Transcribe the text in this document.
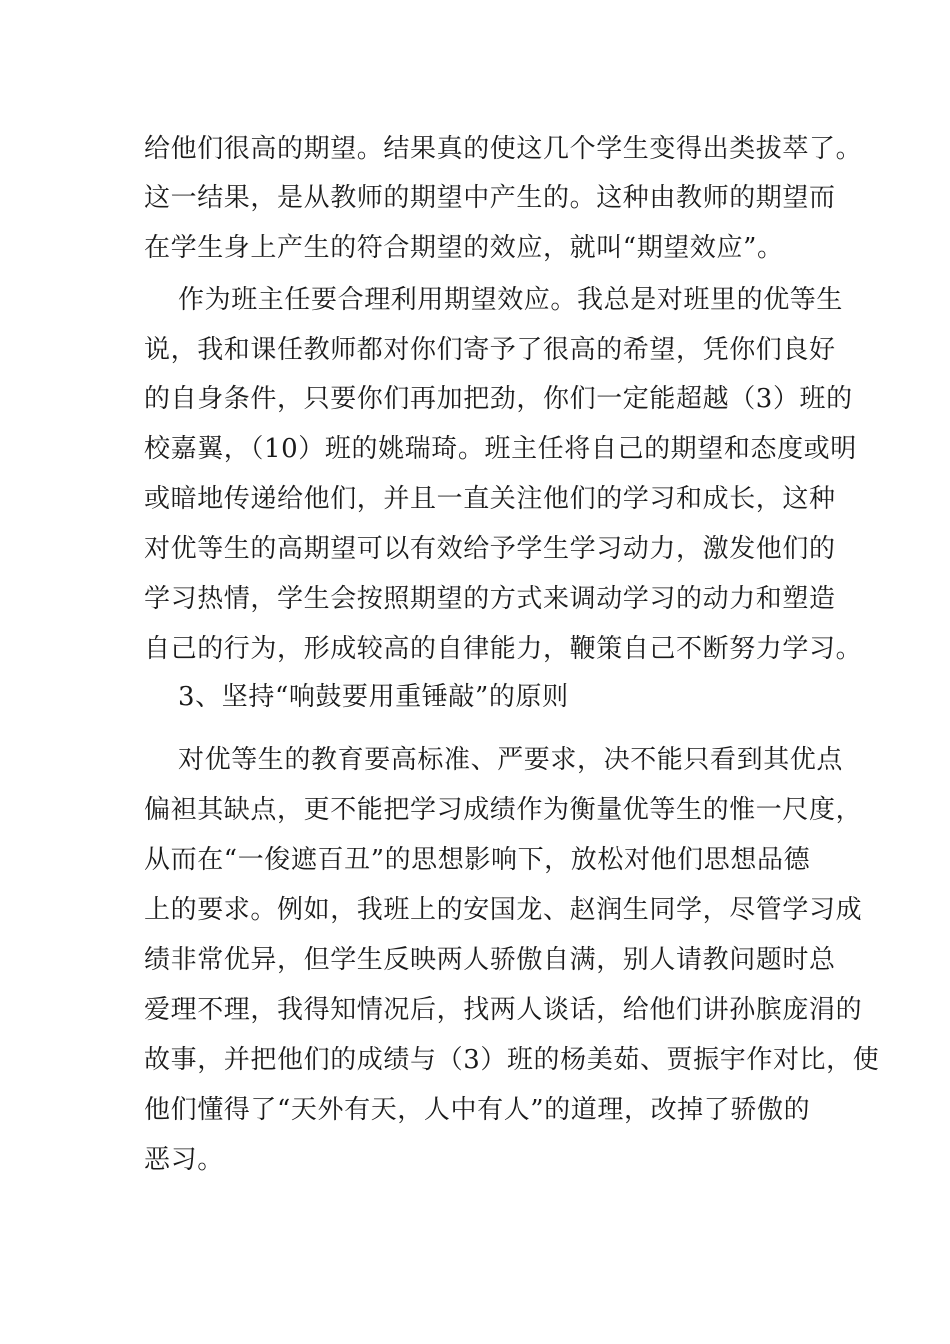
给他们很高的期望。结果真的使这几个学生变得出类拔萃了。
这一结果，是从教师的期望中产生的。这种由教师的期望而
在学生身上产生的符合期望的效应，就叫“期望效应”。
作为班主任要合理利用期望效应。我总是对班里的优等生
说，我和课任教师都对你们寄予了很高的希望，凭你们良好
的自身条件，只要你们再加把劲，你们一定能超越（3）班的
校嘉翼，（10）班的姚瑞琦。班主任将自己的期望和态度或明
或暗地传递给他们，并且一直关注他们的学习和成长，这种
对优等生的高期望可以有效给予学生学习动力，激发他们的
学习热情，学生会按照期望的方式来调动学习的动力和塑造
自己的行为，形成较高的自律能力，鞭策自己不断努力学习。
3、坚持“响鼓要用重锤敲”的原则
对优等生的教育要高标准、严要求，决不能只看到其优点
偏袒其缺点，更不能把学习成绩作为衡量优等生的惟一尺度，
从而在“一俊遮百丑”的思想影响下，放松对他们思想品德
上的要求。例如，我班上的安国龙、赵润生同学，尽管学习成
绩非常优异，但学生反映两人骄傲自满，别人请教问题时总
爱理不理，我得知情况后，找两人谈话，给他们讲孙膑庞涓的
故事，并把他们的成绩与（3）班的杨美茹、贾振宇作对比，使
他们懂得了“天外有天，人中有人”的道理，改掉了骄傲的
恶习。
